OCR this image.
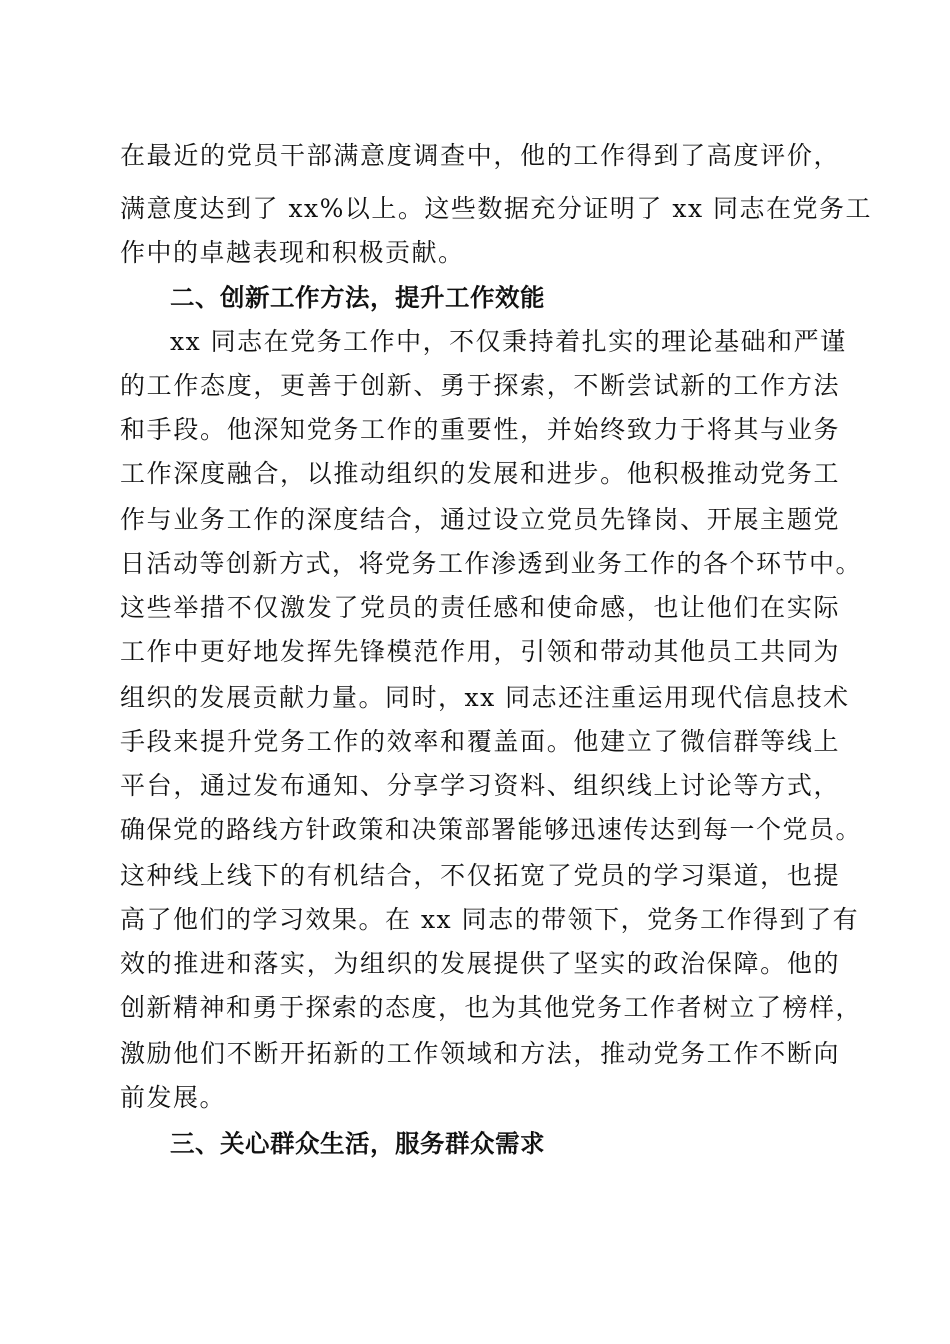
在最近的党员干部满意度调查中，他的工作得到了高度评价，
满意度达到了 xx%以上。这些数据充分证明了 xx 同志在党务工
作中的卓越表现和积极贡献。
二、创新工作方法，提升工作效能
xx 同志在党务工作中，不仅秉持着扎实的理论基础和严谨
的工作态度，更善于创新、勇于探索，不断尝试新的工作方法
和手段。他深知党务工作的重要性，并始终致力于将其与业务
工作深度融合，以推动组织的发展和进步。他积极推动党务工
作与业务工作的深度结合，通过设立党员先锋岗、开展主题党
日活动等创新方式，将党务工作渗透到业务工作的各个环节中。
这些举措不仅激发了党员的责任感和使命感，也让他们在实际
工作中更好地发挥先锋模范作用，引领和带动其他员工共同为
组织的发展贡献力量。同时，xx 同志还注重运用现代信息技术
手段来提升党务工作的效率和覆盖面。他建立了微信群等线上
平台，通过发布通知、分享学习资料、组织线上讨论等方式，
确保党的路线方针政策和决策部署能够迅速传达到每一个党员。
这种线上线下的有机结合，不仅拓宽了党员的学习渠道，也提
高了他们的学习效果。在 xx 同志的带领下，党务工作得到了有
效的推进和落实，为组织的发展提供了坚实的政治保障。他的
创新精神和勇于探索的态度，也为其他党务工作者树立了榜样，
激励他们不断开拓新的工作领域和方法，推动党务工作不断向
前发展。
三、关心群众生活，服务群众需求
